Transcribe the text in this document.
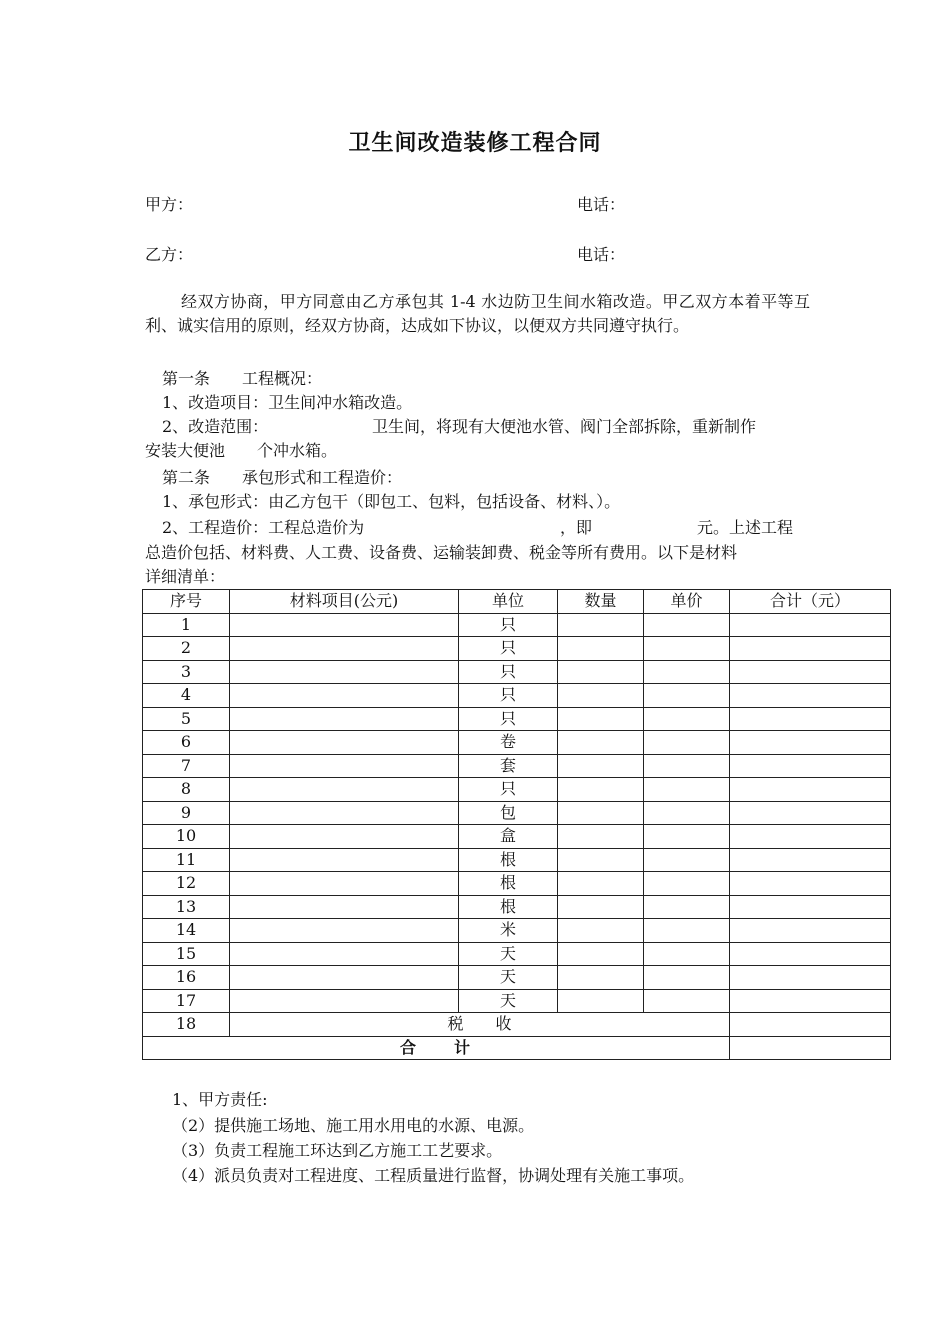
卫生间改造装修工程合同
甲方：	电话：
乙方：	电话：
经双方协商，甲方同意由乙方承包其 1-4 水边防卫生间水箱改造。甲乙双方本着平等互利、诚实信用的原则，经双方协商，达成如下协议，以便双方共同遵守执行。
第一条　　工程概况：
1、改造项目：卫生间冲水箱改造。
2、改造范围：	卫生间，将现有大便池水管、阀门全部拆除，重新制作
安装大便池　　个冲水箱。
第二条　　承包形式和工程造价：
1、承包形式：由乙方包干（即包工、包料，包括设备、材料、）。
2、工程造价：工程总造价为	，即	元。上述工程
总造价包括、材料费、人工费、设备费、运输装卸费、税金等所有费用。以下是材料
详细清单：
序号	材料项目(公元)	单位	数量	单价	合计（元）
1		只			
2		只			
3		只			
4		只			
5		只			
6		卷			
7		套			
8		只			
9		包			
10		盒			
11		根			
12		根			
13		根			
14		米			
15		天			
16		天			
17		天			
18	税　　收				
合　　计					
1、甲方责任:
（2）提供施工场地、施工用水用电的水源、电源。
（3）负责工程施工环达到乙方施工工艺要求。
（4）派员负责对工程进度、工程质量进行监督，协调处理有关施工事项。
